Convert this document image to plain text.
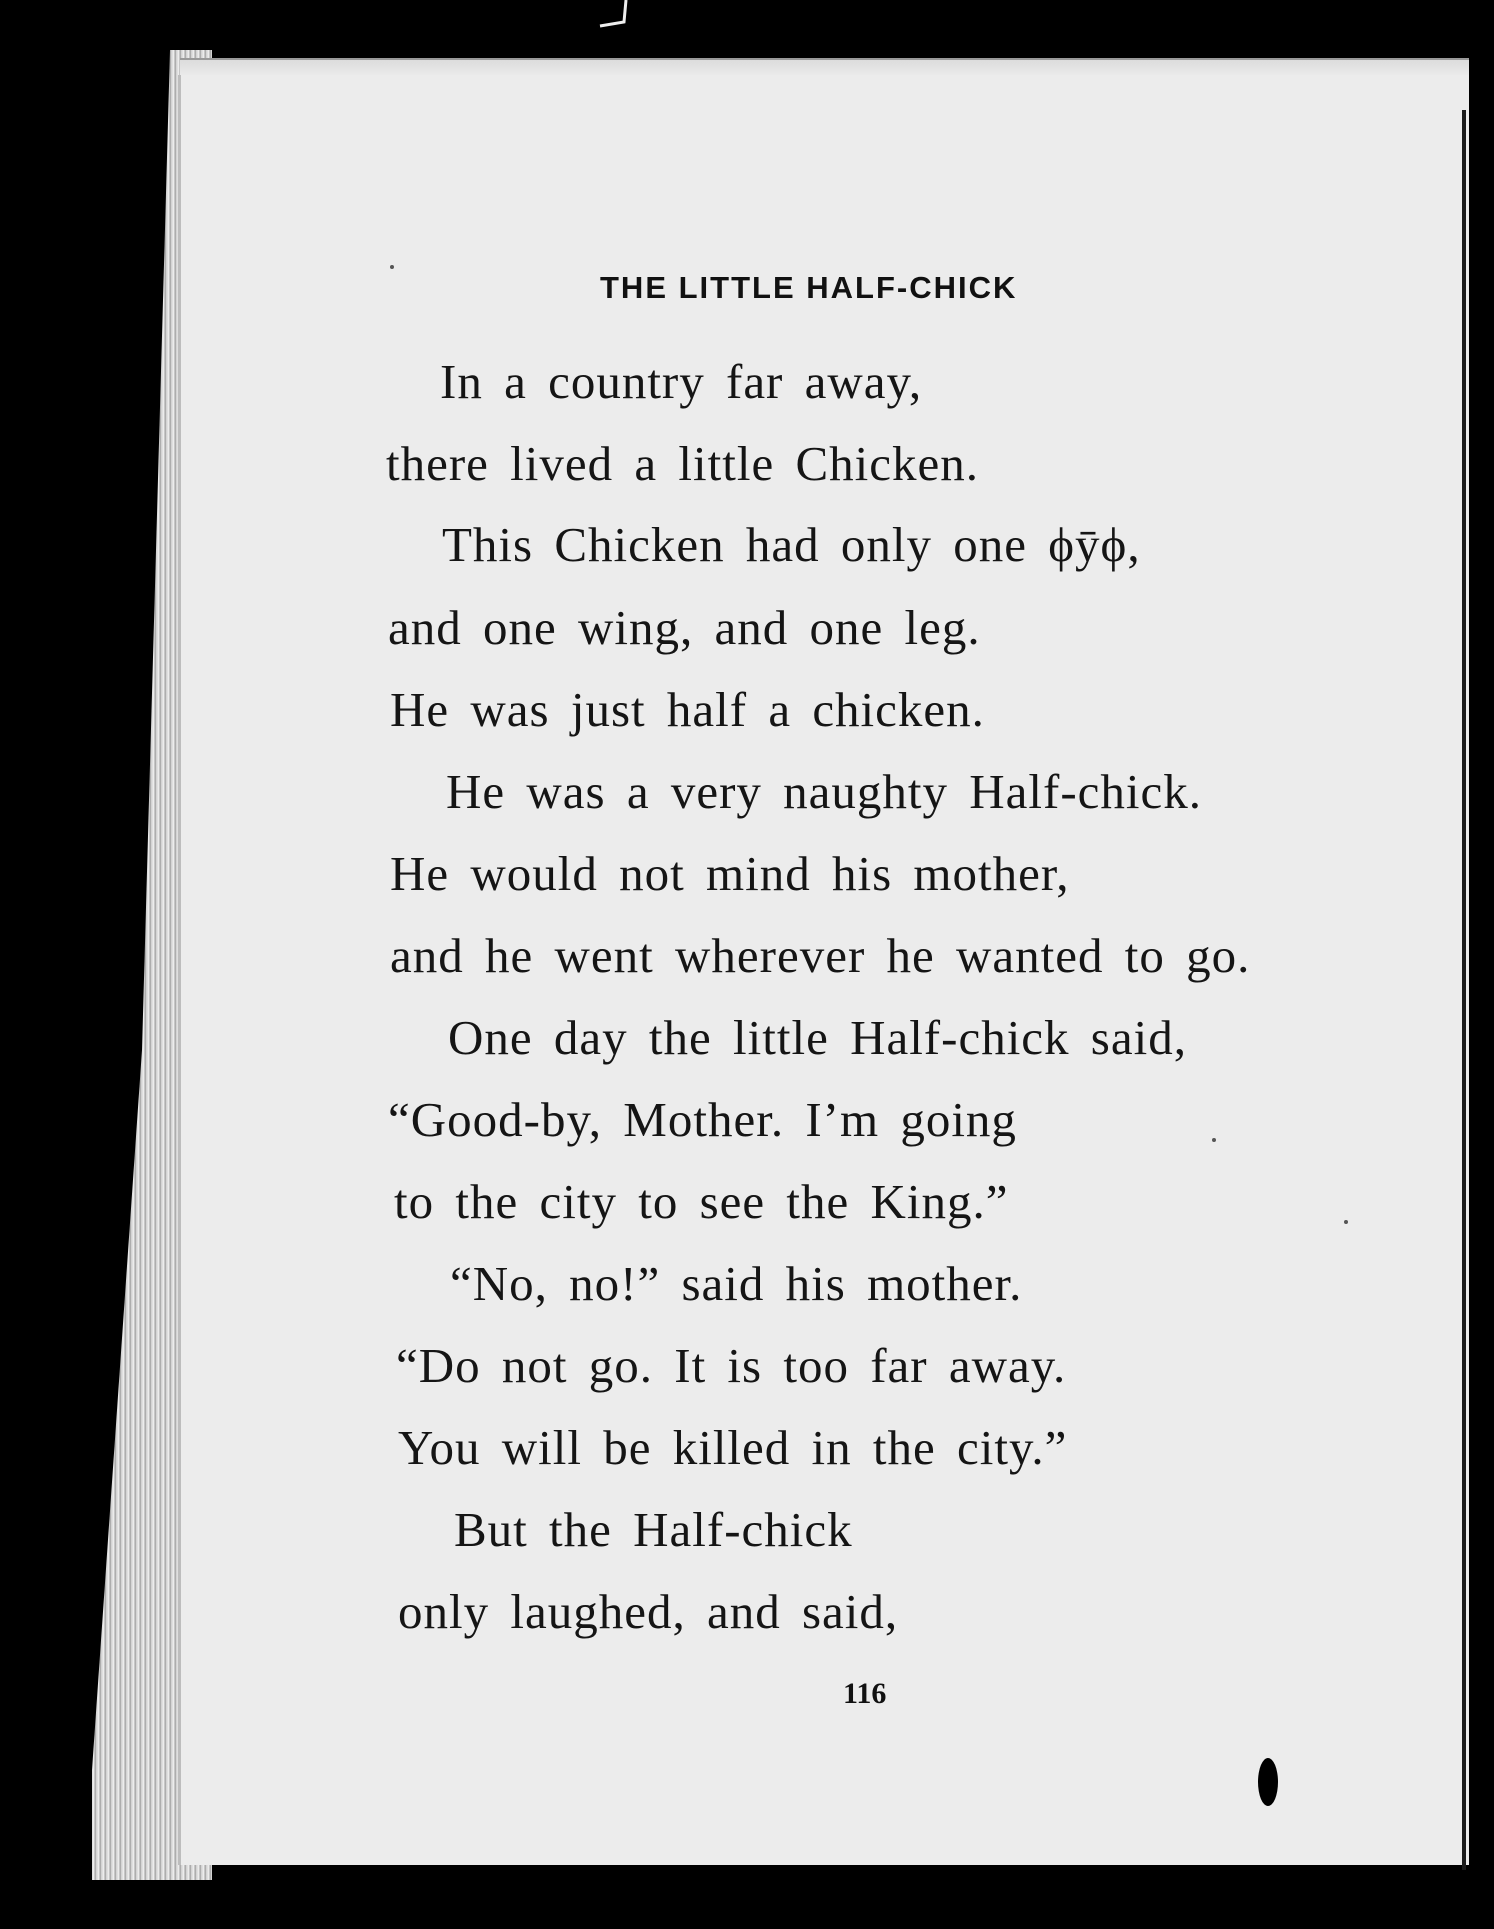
THE LITTLE HALF-CHICK
In a country far away,
there lived a little Chicken.
This Chicken had only one ϕȳϕ,
and one wing, and one leg.
He was just half a chicken.
He was a very naughty Half-chick.
He would not mind his mother,
and he went wherever he wanted to go.
One day the little Half-chick said,
“Good-by, Mother. I’m going
to the city to see the King.”
“No, no!” said his mother.
“Do not go. It is too far away.
You will be killed in the city.”
But the Half-chick
only laughed, and said,
116
